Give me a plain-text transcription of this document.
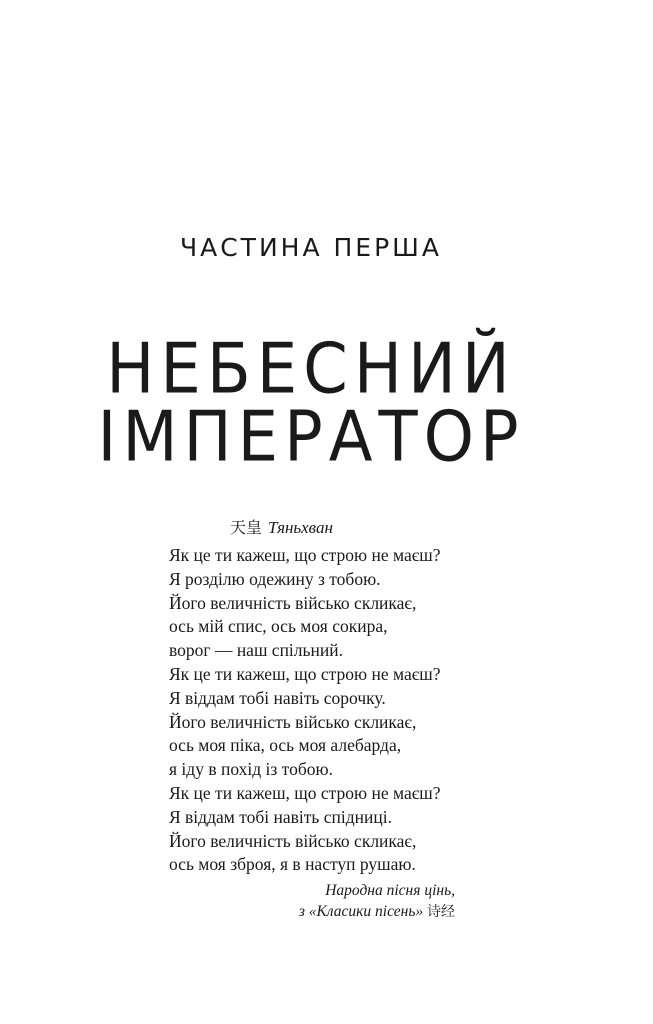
ЧАСТИНА ПЕРША
НЕБЕСНИЙ
ІМПЕРАТОР
天皇 Тяньхван
Як це ти кажеш, що строю не маєш?
Я розділю одежину з тобою.
Його величність військо скликає,
ось мій спис, ось моя сокира,
ворог — наш спільний.
Як це ти кажеш, що строю не маєш?
Я віддам тобі навіть сорочку.
Його величність військо скликає,
ось моя піка, ось моя алебарда,
я іду в похід із тобою.
Як це ти кажеш, що строю не маєш?
Я віддам тобі навіть спідниці.
Його величність військо скликає,
ось моя зброя, я в наступ рушаю.
Народна пісня цінь,
з «Класики пісень» 诗经
